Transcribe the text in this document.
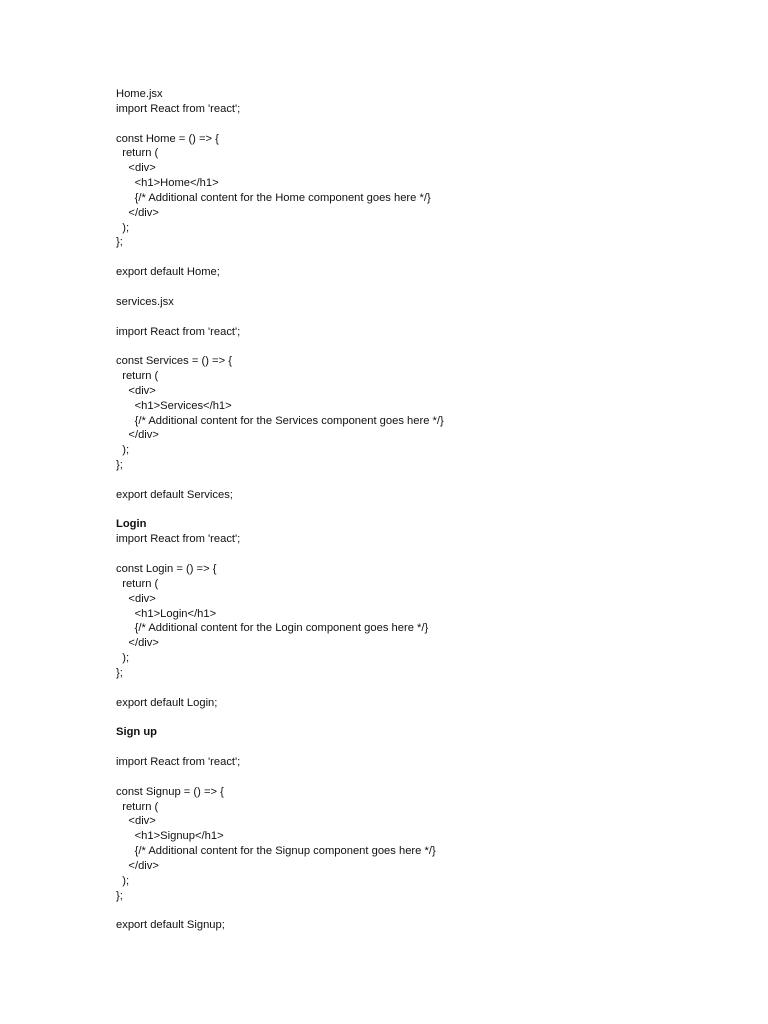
Home.jsx
import React from 'react';
const Home = () => {
return (
<div>
<h1>Home</h1>
{/* Additional content for the Home component goes here */}
</div>
);
};
export default Home;
services.jsx
import React from 'react';
const Services = () => {
return (
<div>
<h1>Services</h1>
{/* Additional content for the Services component goes here */}
</div>
);
};
export default Services;
Login
import React from 'react';
const Login = () => {
return (
<div>
<h1>Login</h1>
{/* Additional content for the Login component goes here */}
</div>
);
};
export default Login;
Sign up
import React from 'react';
const Signup = () => {
return (
<div>
<h1>Signup</h1>
{/* Additional content for the Signup component goes here */}
</div>
);
};
export default Signup;
